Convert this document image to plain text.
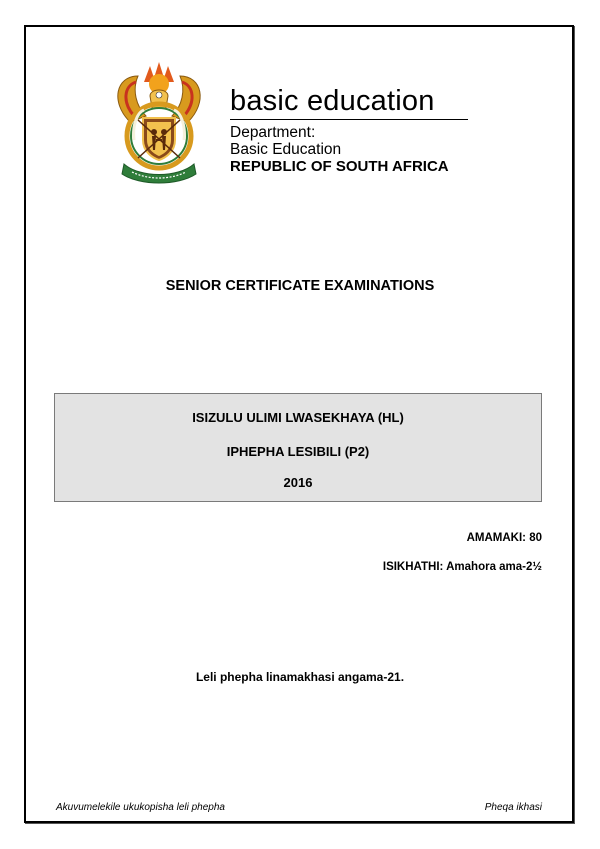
basic education
Department:
Basic Education
REPUBLIC OF SOUTH AFRICA
SENIOR CERTIFICATE EXAMINATIONS
ISIZULU ULIMI LWASEKHAYA (HL)
IPHEPHA LESIBILI (P2)
2016
AMAMAKI: 80
ISIKHATHI: Amahora ama-2½
Leli phepha linamakhasi angama-21.
Akuvumelekile ukukopisha leli phepha	Pheqa ikhasi
